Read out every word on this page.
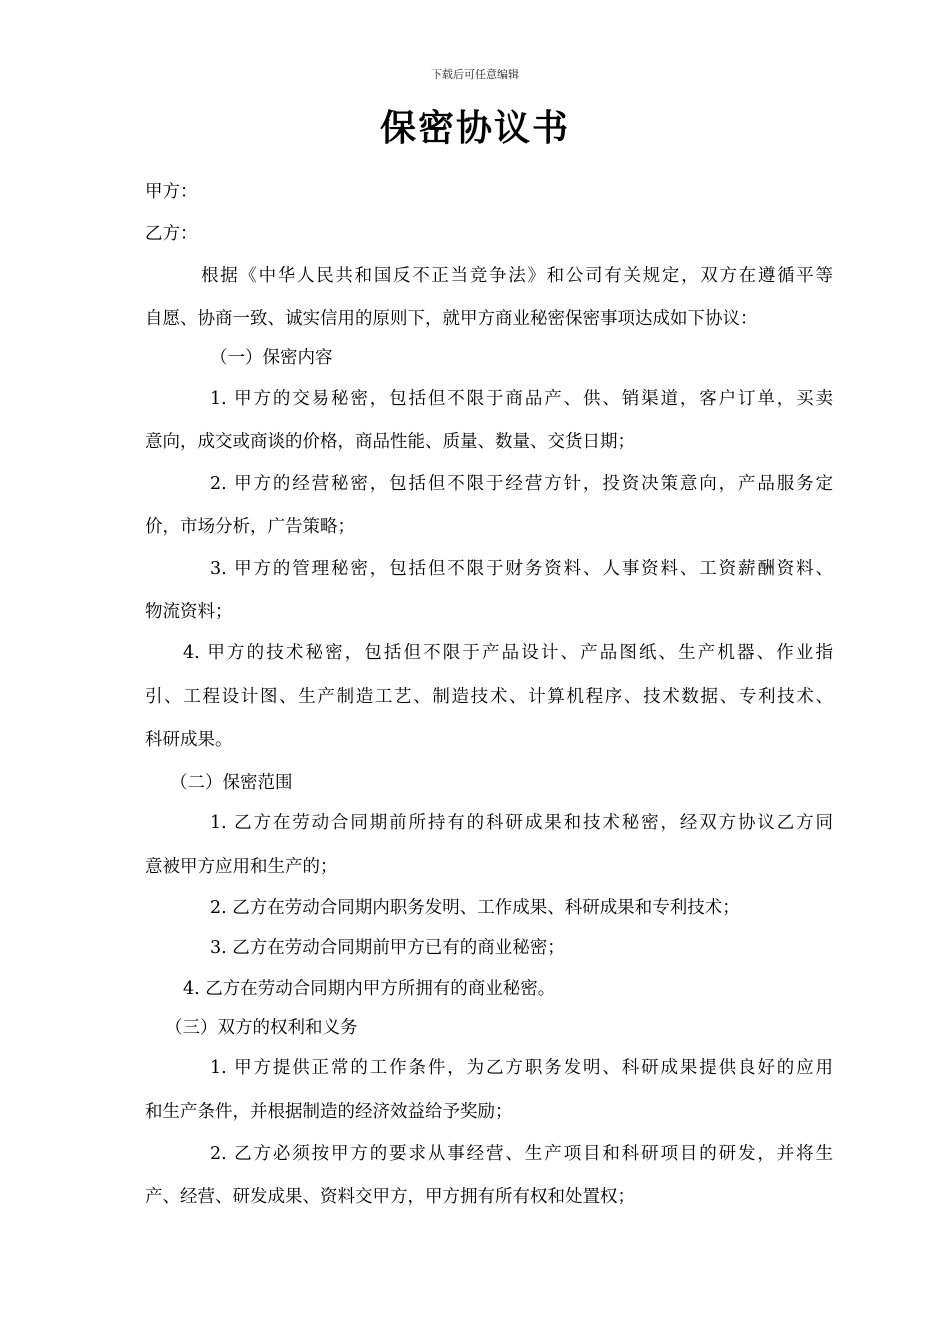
下载后可任意编辑
保密协议书
甲方：
乙方：
根据《中华人民共和国反不正当竞争法》和公司有关规定，双方在遵循平等
自愿、协商一致、诚实信用的原则下，就甲方商业秘密保密事项达成如下协议：
（一）保密内容
1. 甲方的交易秘密，包括但不限于商品产、供、销渠道，客户订单，买卖
意向，成交或商谈的价格，商品性能、质量、数量、交货日期；
2. 甲方的经营秘密，包括但不限于经营方针，投资决策意向，产品服务定
价，市场分析，广告策略；
3. 甲方的管理秘密，包括但不限于财务资料、人事资料、工资薪酬资料、
物流资料；
4. 甲方的技术秘密，包括但不限于产品设计、产品图纸、生产机器、作业指
引、工程设计图、生产制造工艺、制造技术、计算机程序、技术数据、专利技术、
科研成果。
（二）保密范围
1. 乙方在劳动合同期前所持有的科研成果和技术秘密，经双方协议乙方同
意被甲方应用和生产的；
2. 乙方在劳动合同期内职务发明、工作成果、科研成果和专利技术；
3. 乙方在劳动合同期前甲方已有的商业秘密；
4. 乙方在劳动合同期内甲方所拥有的商业秘密。
（三）双方的权利和义务
1. 甲方提供正常的工作条件，为乙方职务发明、科研成果提供良好的应用
和生产条件，并根据制造的经济效益给予奖励；
2. 乙方必须按甲方的要求从事经营、生产项目和科研项目的研发，并将生
产、经营、研发成果、资料交甲方，甲方拥有所有权和处置权；
